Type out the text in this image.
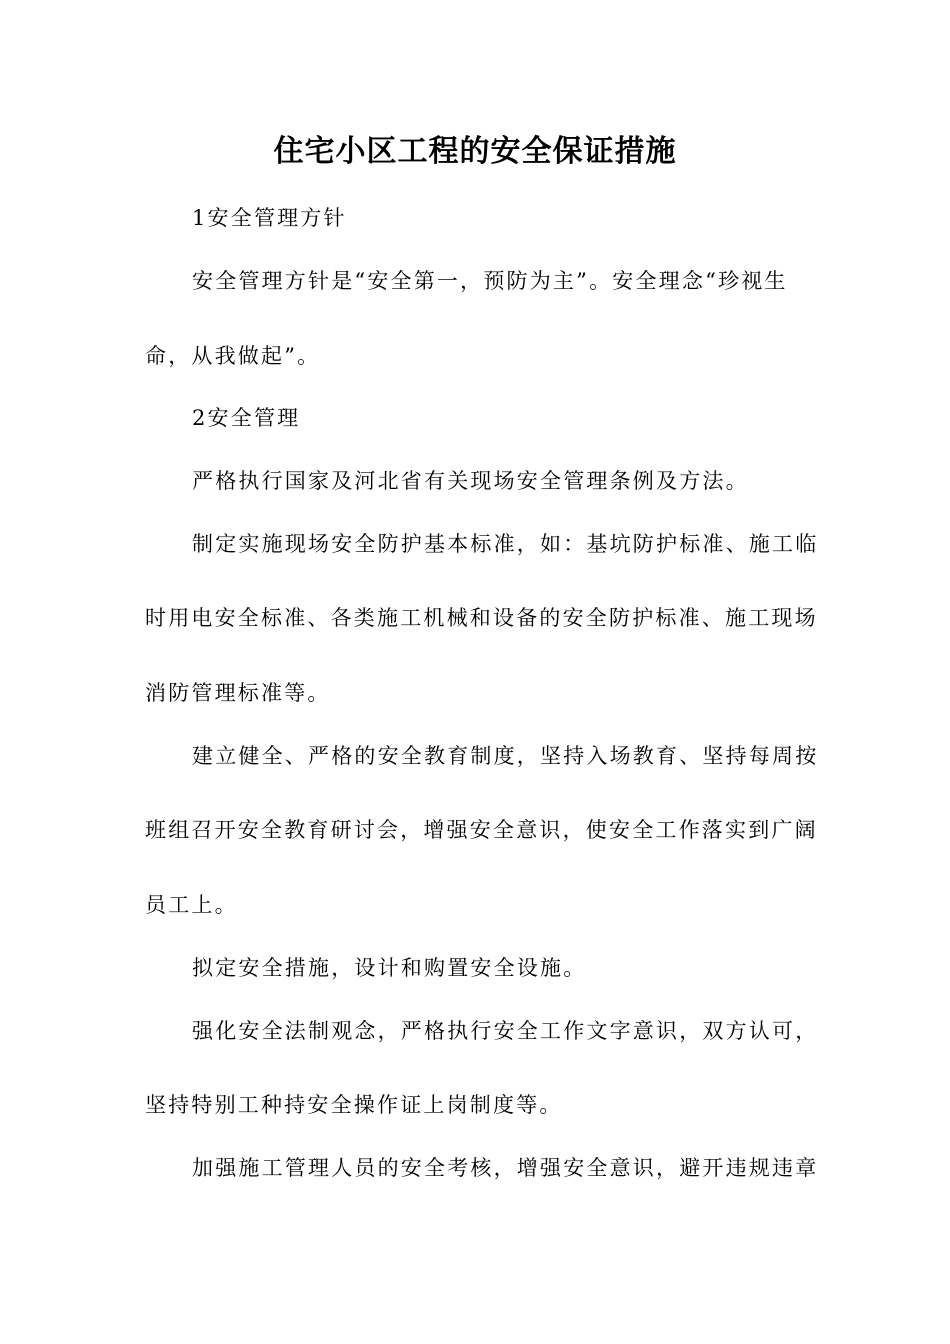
住宅小区工程的安全保证措施
1安全管理方针
安全管理方针是“安全第一，预防为主”。安全理念“珍视生
命，从我做起”。
2安全管理
严格执行国家及河北省有关现场安全管理条例及方法。
制定实施现场安全防护基本标准，如：基坑防护标准、施工临
时用电安全标准、各类施工机械和设备的安全防护标准、施工现场
消防管理标准等。
建立健全、严格的安全教育制度，坚持入场教育、坚持每周按
班组召开安全教育研讨会，增强安全意识，使安全工作落实到广阔
员工上。
拟定安全措施，设计和购置安全设施。
强化安全法制观念，严格执行安全工作文字意识，双方认可，
坚持特别工种持安全操作证上岗制度等。
加强施工管理人员的安全考核，增强安全意识，避开违规违章
